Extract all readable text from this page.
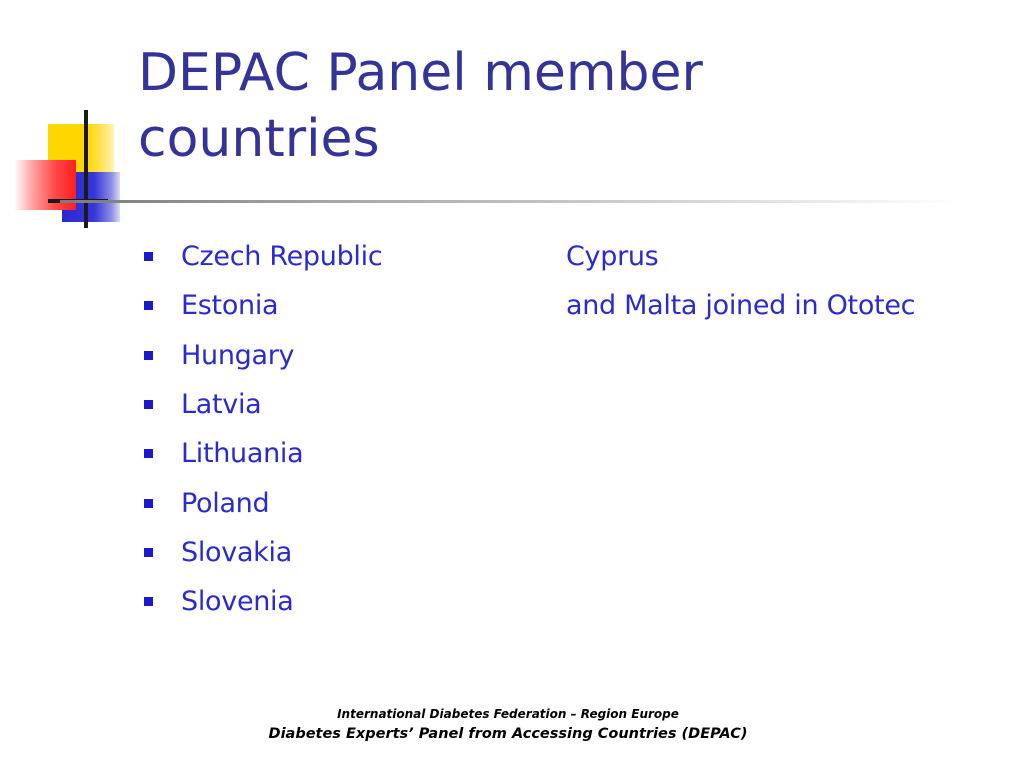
DEPAC Panel member countries
Czech Republic
Estonia
Hungary
Latvia
Lithuania
Poland
Slovakia
Slovenia
Cyprus
and Malta joined in Ototec
International Diabetes Federation – Region Europe
Diabetes Experts’ Panel from Accessing Countries (DEPAC)
